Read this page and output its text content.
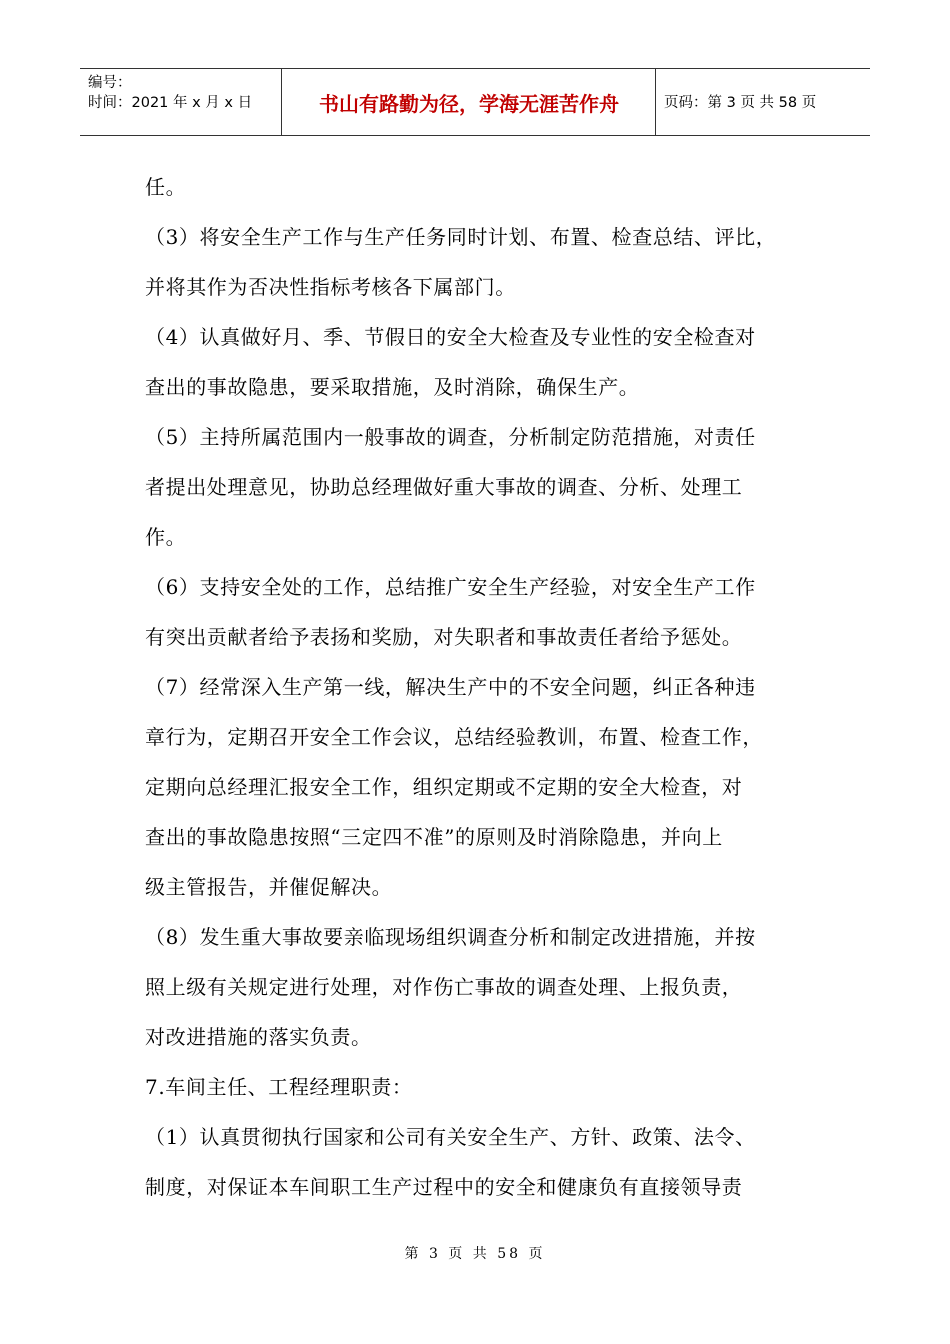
编号：
时间：2021 年 x 月 x 日	书山有路勤为径，学海无涯苦作舟	页码：第 3 页 共 58 页

任。

（3）将安全生产工作与生产任务同时计划、布置、检查总结、评比，

并将其作为否决性指标考核各下属部门。

（4）认真做好月、季、节假日的安全大检查及专业性的安全检查对

查出的事故隐患，要采取措施，及时消除，确保生产。

（5）主持所属范围内一般事故的调查，分析制定防范措施，对责任

者提出处理意见，协助总经理做好重大事故的调查、分析、处理工

作。

（6）支持安全处的工作，总结推广安全生产经验，对安全生产工作

有突出贡献者给予表扬和奖励，对失职者和事故责任者给予惩处。

（7）经常深入生产第一线，解决生产中的不安全问题，纠正各种违

章行为，定期召开安全工作会议，总结经验教训，布置、检查工作，

定期向总经理汇报安全工作，组织定期或不定期的安全大检查，对

查出的事故隐患按照“三定四不准”的原则及时消除隐患，并向上

级主管报告，并催促解决。

（8）发生重大事故要亲临现场组织调查分析和制定改进措施，并按

照上级有关规定进行处理，对作伤亡事故的调查处理、上报负责，

对改进措施的落实负责。

7.车间主任、工程经理职责：

（1）认真贯彻执行国家和公司有关安全生产、方针、政策、法令、

制度，对保证本车间职工生产过程中的安全和健康负有直接领导责

第 3 页 共 58 页
